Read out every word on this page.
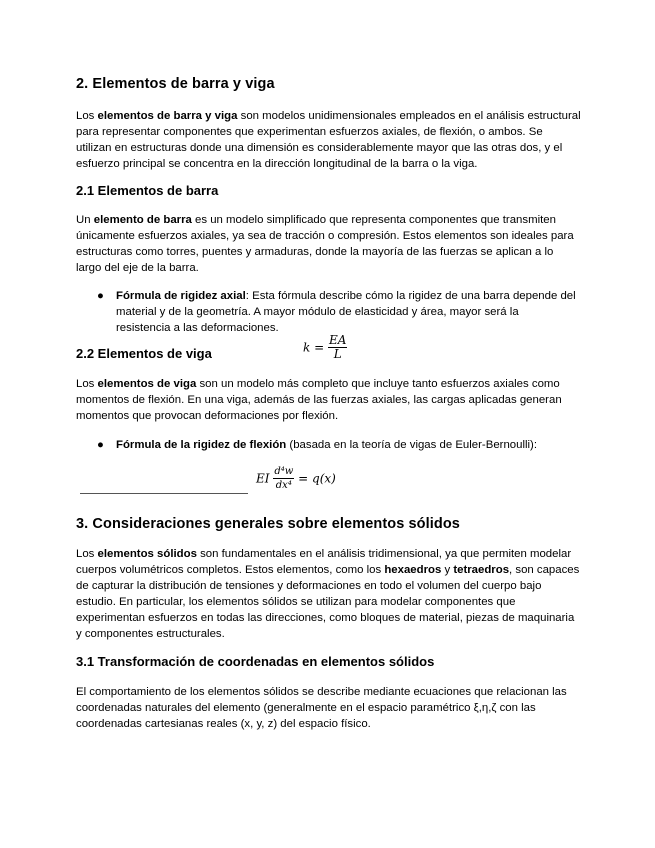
2. Elementos de barra y viga
Los elementos de barra y viga son modelos unidimensionales empleados en el análisis estructural para representar componentes que experimentan esfuerzos axiales, de flexión, o ambos. Se utilizan en estructuras donde una dimensión es considerablemente mayor que las otras dos, y el esfuerzo principal se concentra en la dirección longitudinal de la barra o la viga.
2.1 Elementos de barra
Un elemento de barra es un modelo simplificado que representa componentes que transmiten únicamente esfuerzos axiales, ya sea de tracción o compresión. Estos elementos son ideales para estructuras como torres, puentes y armaduras, donde la mayoría de las fuerzas se aplican a lo largo del eje de la barra.
● Fórmula de rigidez axial: Esta fórmula describe cómo la rigidez de una barra depende del material y de la geometría. A mayor módulo de elasticidad y área, mayor será la resistencia a las deformaciones.
$k = \frac{EA}{L}$
2.2 Elementos de viga
Los elementos de viga son un modelo más completo que incluye tanto esfuerzos axiales como momentos de flexión. En una viga, además de las fuerzas axiales, las cargas aplicadas generan momentos que provocan deformaciones por flexión.
● Fórmula de la rigidez de flexión (basada en la teoría de vigas de Euler-Bernoulli):
EI $\frac{\text{d⁴w}}{\text{dx⁴}} = q(x)$
3. Consideraciones generales sobre elementos sólidos
Los elementos sólidos son fundamentales en el análisis tridimensional, ya que permiten modelar cuerpos volumétricos completos. Estos elementos, como los hexaedros y tetraedros, son capaces de capturar la distribución de tensiones y deformaciones en todo el volumen del cuerpo bajo estudio. En particular, los elementos sólidos se utilizan para modelar componentes que experimentan esfuerzos en todas las direcciones, como bloques de material, piezas de maquinaria y componentes estructurales.
3.1 Transformación de coordenadas en elementos sólidos
El comportamiento de los elementos sólidos se describe mediante ecuaciones que relacionan las coordenadas naturales del elemento (generalmente en el espacio paramétrico ξ,η,ζ con las coordenadas cartesianas reales (x, y, z) del espacio físico.
